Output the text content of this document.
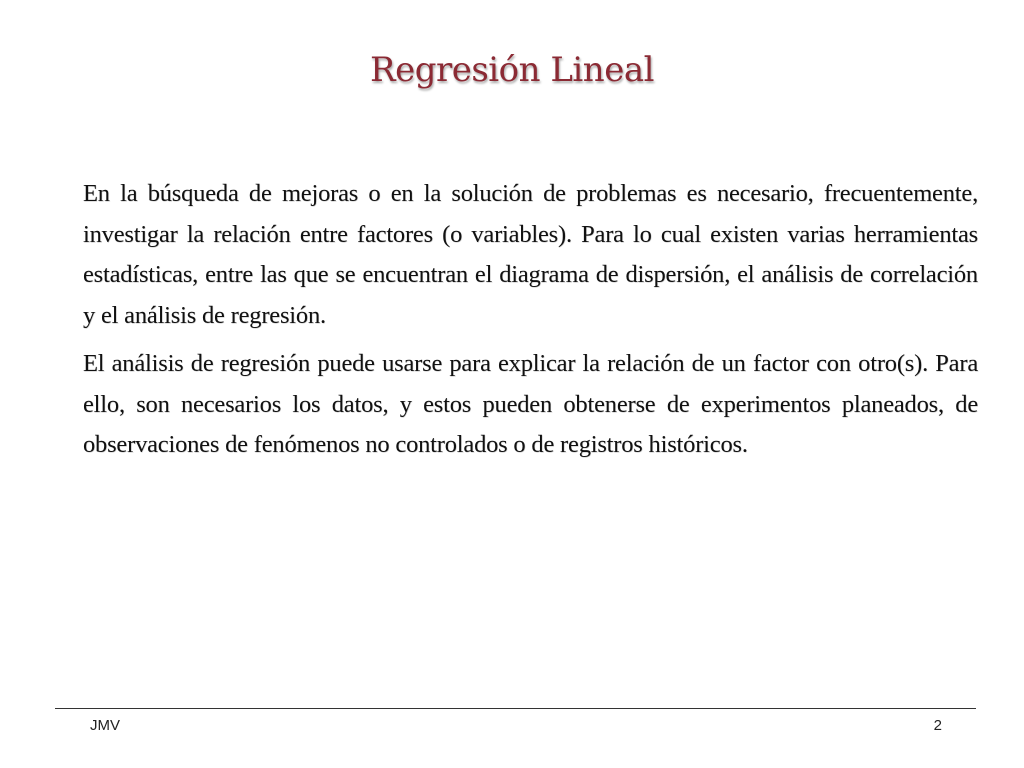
Regresión Lineal

En la búsqueda de mejoras o en la solución de problemas es necesario, frecuentemente, investigar la relación entre factores (o variables). Para lo cual existen varias herramientas estadísticas, entre las que se encuentran el diagrama de dispersión, el análisis de correlación y el análisis de regresión.

El análisis de regresión puede usarse para explicar la relación de un factor con otro(s). Para ello, son necesarios los datos, y estos pueden obtenerse de experimentos planeados, de observaciones de fenómenos no controlados o de registros históricos.

JMV	2
